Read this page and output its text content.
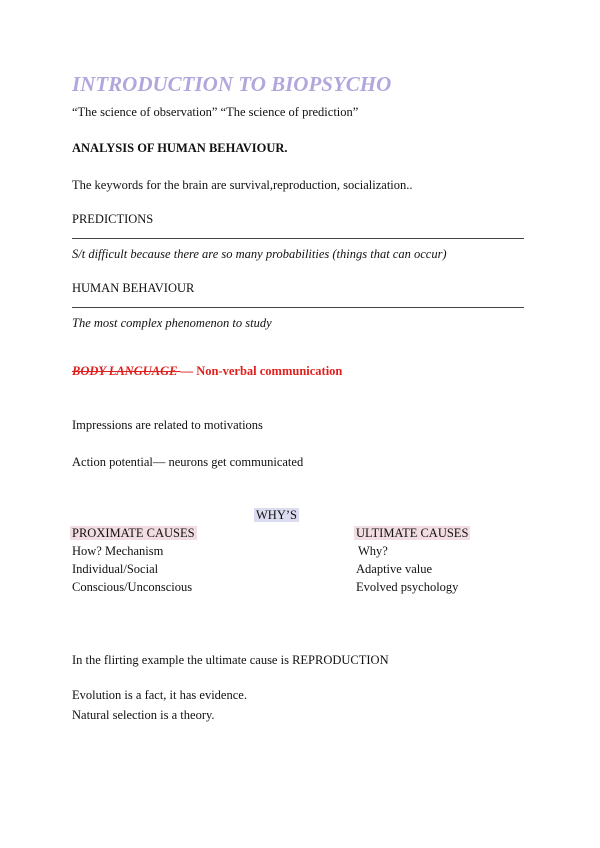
INTRODUCTION TO BIOPSYCHO
“The science of observation” “The science of prediction”
ANALYSIS OF HUMAN BEHAVIOUR.
The keywords for the brain are survival,reproduction, socialization..
PREDICTIONS
S/t difficult because there are so many probabilities (things that can occur)
HUMAN BEHAVIOUR
The most complex phenomenon to study
BODY LANGUAGE — Non-verbal communication
Impressions are related to motivations
Action potential— neurons get communicated
WHY’S
PROXIMATE CAUSES	ULTIMATE CAUSES
How? Mechanism
Individual/Social
Conscious/Unconscious
Why?
Adaptive value
Evolved psychology
In the flirting example the ultimate cause is REPRODUCTION
Evolution is a fact, it has evidence.
Natural selection is a theory.
